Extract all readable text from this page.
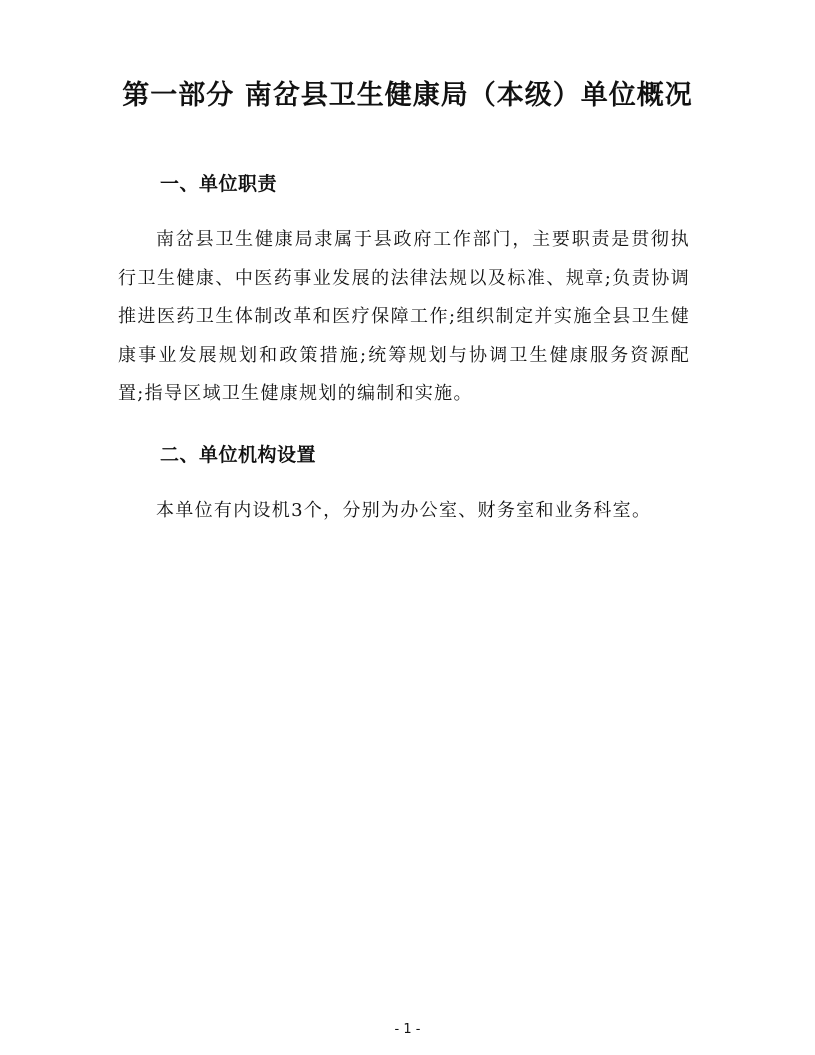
第一部分 南岔县卫生健康局（本级）单位概况
一、单位职责

南岔县卫生健康局隶属于县政府工作部门，主要职责是贯彻执行卫生健康、中医药事业发展的法律法规以及标准、规章;负责协调推进医药卫生体制改革和医疗保障工作;组织制定并实施全县卫生健康事业发展规划和政策措施;统筹规划与协调卫生健康服务资源配置;指导区域卫生健康规划的编制和实施。

二、单位机构设置

本单位有内设机3个，分别为办公室、财务室和业务科室。

- 1 -
